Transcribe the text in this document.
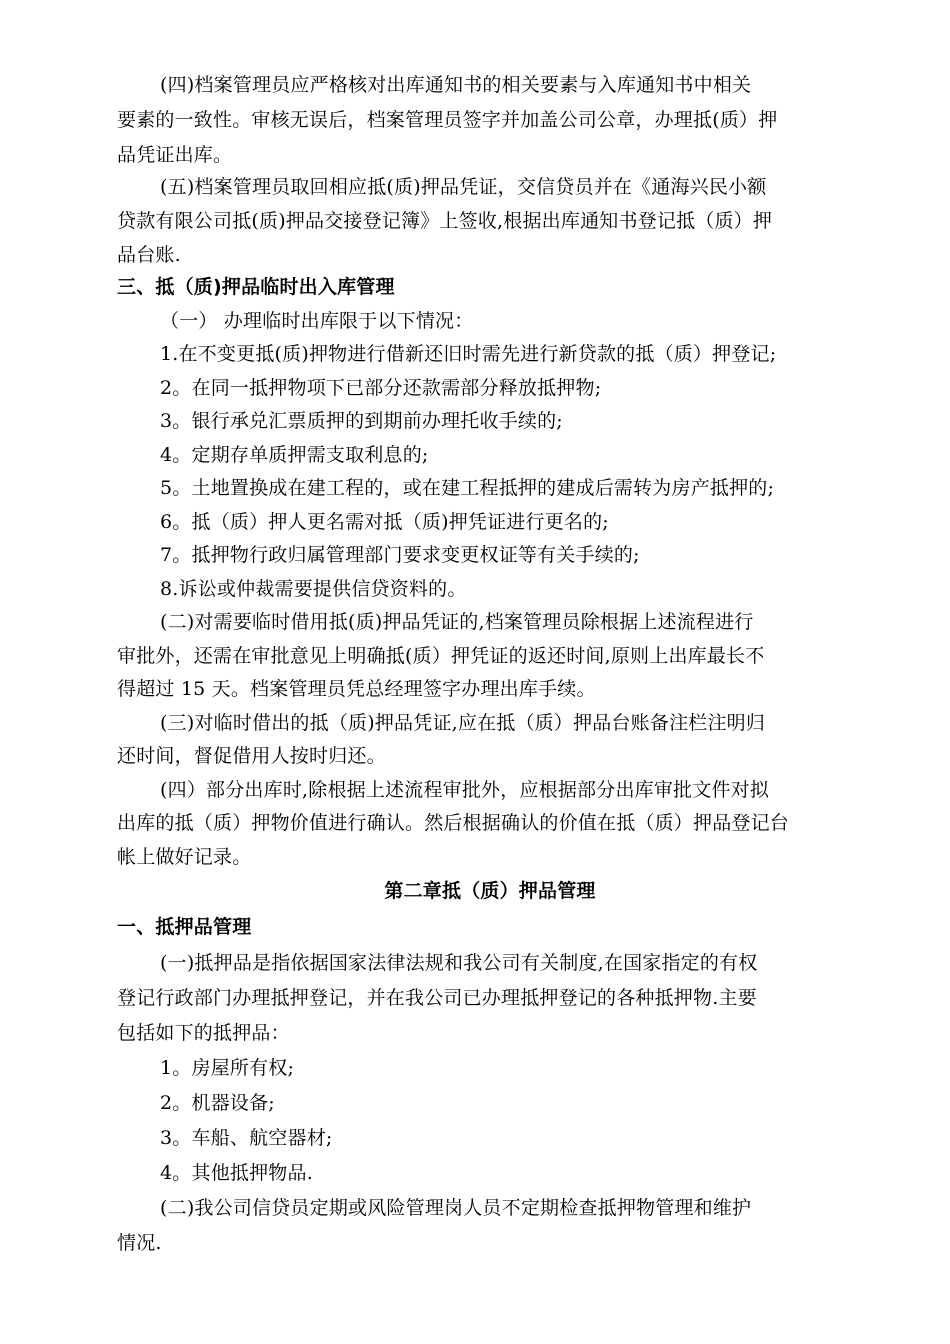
(四)档案管理员应严格核对出库通知书的相关要素与入库通知书中相关
要素的一致性。审核无误后，档案管理员签字并加盖公司公章，办理抵(质）押
品凭证出库。
(五)档案管理员取回相应抵(质)押品凭证，交信贷员并在《通海兴民小额
贷款有限公司抵(质)押品交接登记簿》上签收,根据出库通知书登记抵（质）押
品台账.
三、抵（质)押品临时出入库管理
（一） 办理临时出库限于以下情况：
1.在不变更抵(质)押物进行借新还旧时需先进行新贷款的抵（质）押登记;
2。在同一抵押物项下已部分还款需部分释放抵押物;
3。银行承兑汇票质押的到期前办理托收手续的;
4。定期存单质押需支取利息的;
5。土地置换成在建工程的，或在建工程抵押的建成后需转为房产抵押的;
6。抵（质）押人更名需对抵（质)押凭证进行更名的;
7。抵押物行政归属管理部门要求变更权证等有关手续的;
8.诉讼或仲裁需要提供信贷资料的。
(二)对需要临时借用抵(质)押品凭证的,档案管理员除根据上述流程进行
审批外，还需在审批意见上明确抵(质）押凭证的返还时间,原则上出库最长不
得超过 15 天。档案管理员凭总经理签字办理出库手续。
(三)对临时借出的抵（质)押品凭证,应在抵（质）押品台账备注栏注明归
还时间，督促借用人按时归还。
(四）部分出库时,除根据上述流程审批外，应根据部分出库审批文件对拟
出库的抵（质）押物价值进行确认。然后根据确认的价值在抵（质）押品登记台
帐上做好记录。
第二章抵（质）押品管理
一、抵押品管理
(一)抵押品是指依据国家法律法规和我公司有关制度,在国家指定的有权
登记行政部门办理抵押登记，并在我公司已办理抵押登记的各种抵押物.主要
包括如下的抵押品：
1。房屋所有权;
2。机器设备;
3。车船、航空器材;
4。其他抵押物品.
(二)我公司信贷员定期或风险管理岗人员不定期检查抵押物管理和维护
情况.
